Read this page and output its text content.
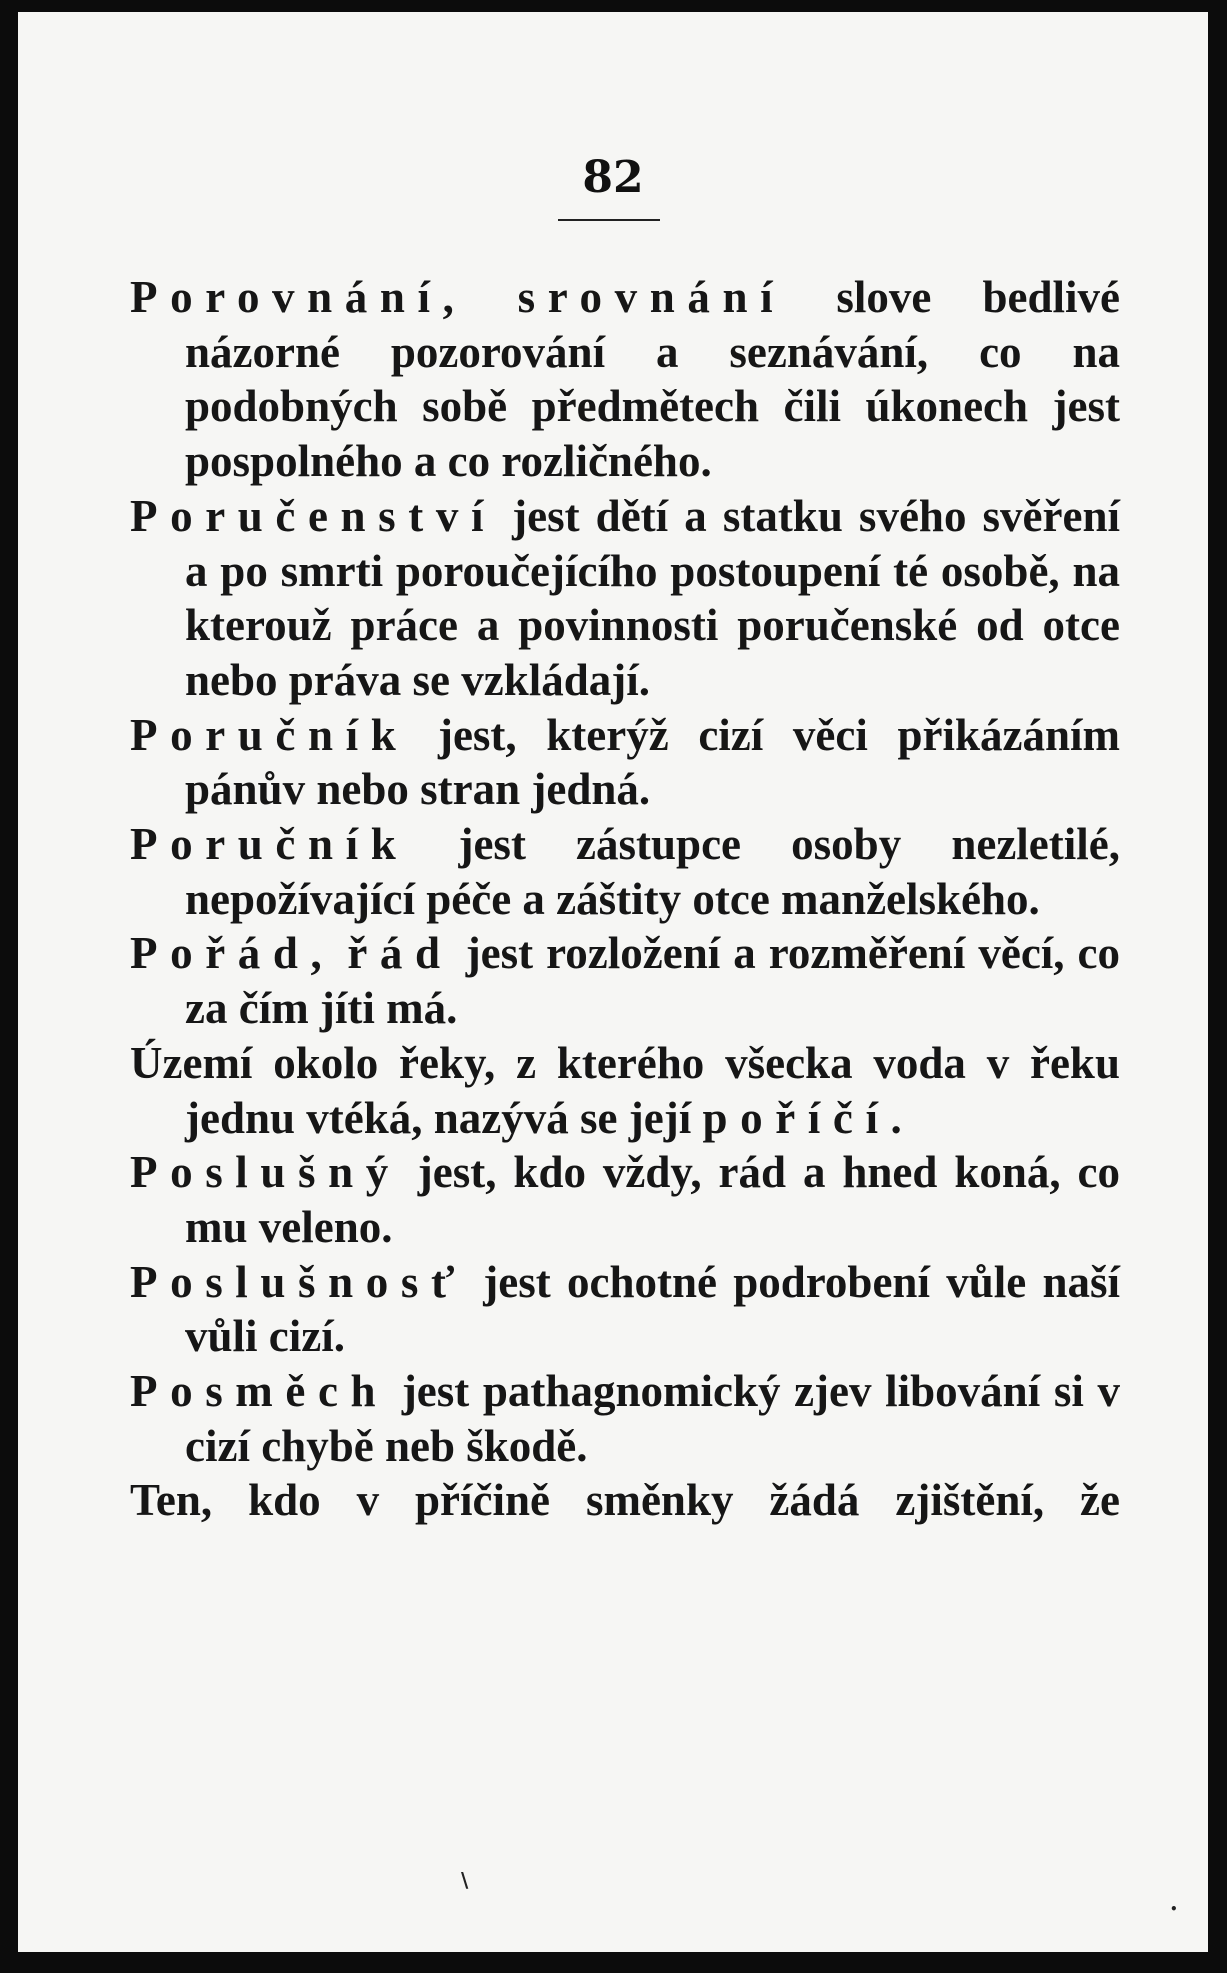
82

Porovnání, srovnání slove bedlivé názorné pozorování a seznávání, co na podobných sobě předmětech čili úkonech jest pospolného a co rozličného.

Poručenství jest dětí a statku svého svěření a po smrti poroučejícího postoupení té osobě, na kterouž práce a povinnosti poručenské od otce nebo práva se vzkládají.

Poručník jest, kterýž cizí věci přikázáním pánův nebo stran jedná.

Poručník jest zástupce osoby nezletilé, nepožívající péče a záštity otce manželského.

Pořád, řád jest rozložení a rozměření věcí, co za čím jíti má.

Území okolo řeky, z kterého všecka voda v řeku jednu vtéká, nazývá se její poříčí.

Poslušný jest, kdo vždy, rád a hned koná, co mu veleno.

Poslušnosť jest ochotné podrobení vůle naší vůli cizí.

Posměch jest pathagnomický zjev libování si v cizí chybě neb škodě.

Ten, kdo v příčině směnky žádá zjištění, že

\
•
